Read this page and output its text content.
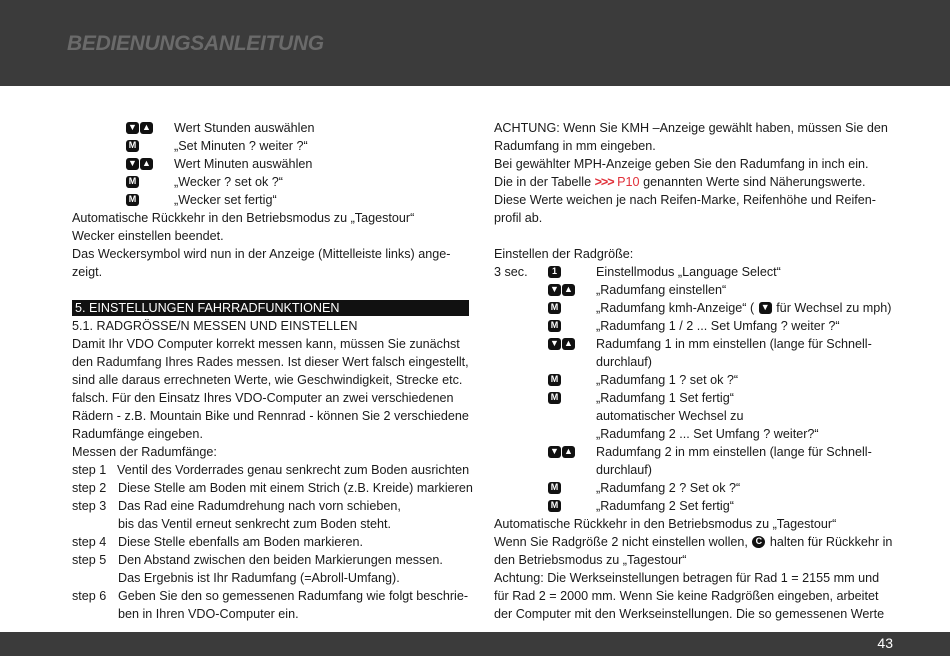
BEDIENUNGSANLEITUNG
▼ ▲ Wert Stunden auswählen
M	„Set Minuten ? weiter ?“
▼ ▲ Wert Minuten auswählen
M	„Wecker ? set ok ?“
M	„Wecker set fertig“
Automatische Rückkehr in den Betriebsmodus zu „Tagestour“
Wecker einstellen beendet.
Das Weckersymbol wird nun in der Anzeige (Mittelleiste links) ange-
zeigt.
5. EINSTELLUNGEN FAHRRADFUNKTIONEN
5.1. RADGRÖSSE/N MESSEN UND EINSTELLEN
Damit Ihr VDO Computer korrekt messen kann, müssen Sie zunächst
den Radumfang Ihres Rades messen. Ist dieser Wert falsch eingestellt,
sind alle daraus errechneten Werte, wie Geschwindigkeit, Strecke etc.
falsch. Für den Einsatz Ihres VDO-Computer an zwei verschiedenen
Rädern - z.B. Mountain Bike und Rennrad - können Sie 2 verschiedene
Radumfänge eingeben.
Messen der Radumfänge:
step 1 Ventil des Vorderrades genau senkrecht zum Boden ausrichten
step 2 Diese Stelle am Boden mit einem Strich (z.B. Kreide) markieren
step 3 Das Rad eine Radumdrehung nach vorn schieben,
bis das Ventil erneut senkrecht zum Boden steht.
step 4 Diese Stelle ebenfalls am Boden markieren.
step 5 Den Abstand zwischen den beiden Markierungen messen.
Das Ergebnis ist Ihr Radumfang (=Abroll-Umfang).
step 6 Geben Sie den so gemessenen Radumfang wie folgt beschrie-
ben in Ihren VDO-Computer ein.
ACHTUNG: Wenn Sie KMH –Anzeige gewählt haben, müssen Sie den
Radumfang in mm eingeben.
Bei gewählter MPH-Anzeige geben Sie den Radumfang in inch ein.
Die in der Tabelle >>> P10 genannten Werte sind Näherungswerte.
Diese Werte weichen je nach Reifen-Marke, Reifenhöhe und Reifen-
profil ab.
Einstellen der Radgröße:
3 sec.	1	Einstellmodus „Language Select“
▼ ▲ „Radumfang einstellen“
M	„Radumfang kmh-Anzeige“ ( ▼ für Wechsel zu mph)
M	„Radumfang 1 / 2 ... Set Umfang ? weiter ?“
▼ ▲ Radumfang 1 in mm einstellen (lange für Schnell-
durchlauf)
M	„Radumfang 1 ? set ok ?“
M	„Radumfang 1 Set fertig“
automatischer Wechsel zu
„Radumfang 2 ... Set Umfang ? weiter?“
▼ ▲ Radumfang 2 in mm einstellen (lange für Schnell-
durchlauf)
M	„Radumfang 2 ? Set ok ?“
M	„Radumfang 2 Set fertig“
Automatische Rückkehr in den Betriebsmodus zu „Tagestour“
Wenn Sie Radgröße 2 nicht einstellen wollen, C halten für Rückkehr in
den Betriebsmodus zu „Tagestour“
Achtung: Die Werkseinstellungen betragen für Rad 1 = 2155 mm und
für Rad 2 = 2000 mm. Wenn Sie keine Radgrößen eingeben, arbeitet
der Computer mit den Werkseinstellungen. Die so gemessenen Werte
43
